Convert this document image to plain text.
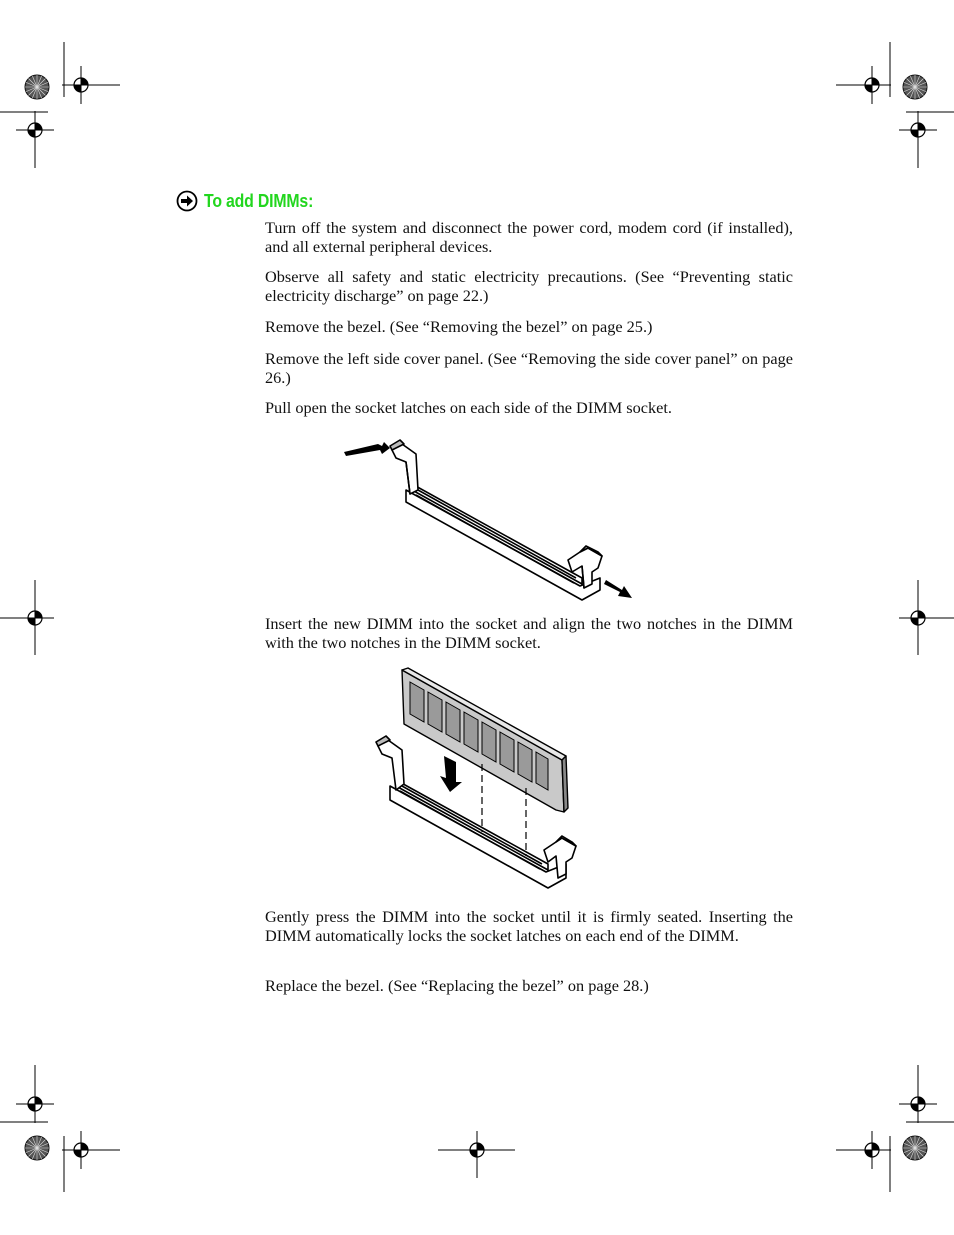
To add DIMMs:
Turn off the system and disconnect the power cord, modem cord (if installed), and all external peripheral devices.
Observe all safety and static electricity precautions. (See “Preventing static electricity discharge” on page 22.)
Remove the bezel. (See “Removing the bezel” on page 25.)
Remove the left side cover panel. (See “Removing the side cover panel” on page 26.)
Pull open the socket latches on each side of the DIMM socket.
Insert the new DIMM into the socket and align the two notches in the DIMM with the two notches in the DIMM socket.
Gently press the DIMM into the socket until it is firmly seated. Inserting the DIMM automatically locks the socket latches on each end of the DIMM.
Replace the bezel. (See “Replacing the bezel” on page 28.)
